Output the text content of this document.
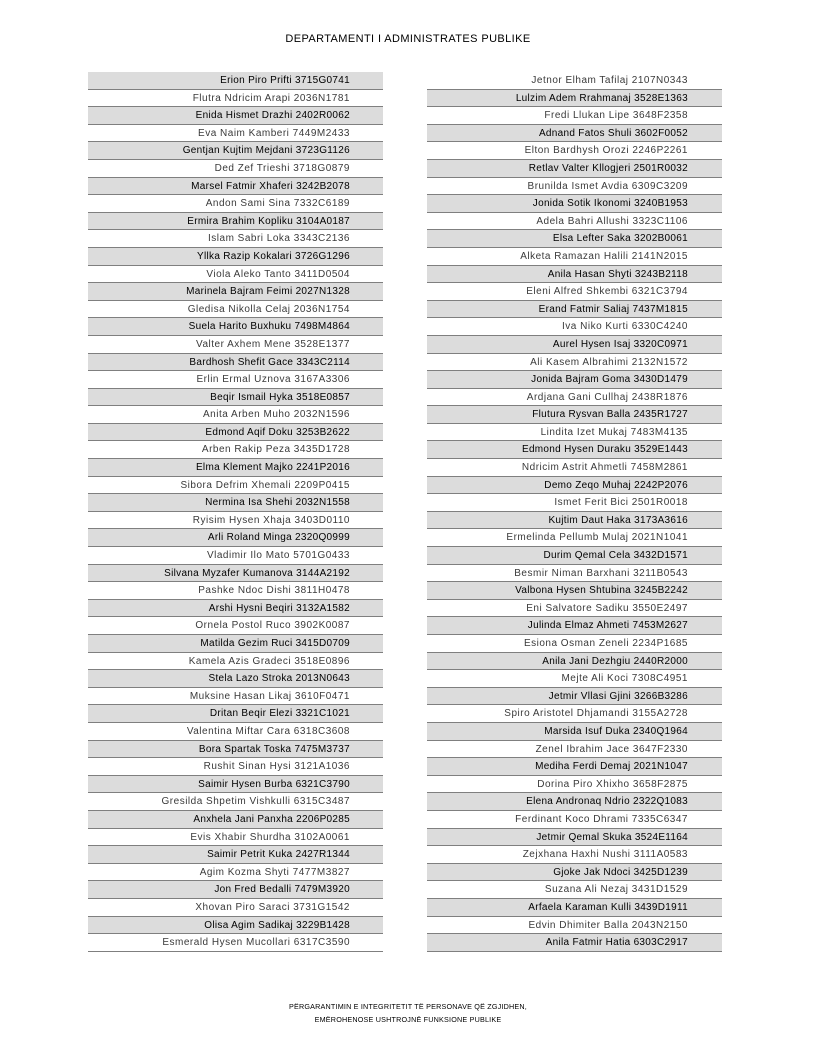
DEPARTAMENTI I ADMINISTRATES PUBLIKE
Erion Piro Prifti 3715G0741
Flutra Ndricim Arapi 2036N1781
Enida Hismet Drazhi 2402R0062
Eva Naim Kamberi 7449M2433
Gentjan Kujtim Mejdani 3723G1126
Ded Zef Trieshi 3718G0879
Marsel Fatmir Xhaferi 3242B2078
Andon Sami Sina 7332C6189
Ermira Brahim Kopliku 3104A0187
Islam Sabri Loka 3343C2136
Yllka Razip Kokalari 3726G1296
Viola Aleko Tanto 3411D0504
Marinela Bajram Feimi 2027N1328
Gledisa Nikolla Celaj 2036N1754
Suela Harito Buxhuku 7498M4864
Valter Axhem Mene 3528E1377
Bardhosh Shefit Gace 3343C2114
Erlin Ermal Uznova 3167A3306
Beqir Ismail Hyka 3518E0857
Anita Arben Muho 2032N1596
Edmond Aqif Doku 3253B2622
Arben Rakip Peza 3435D1728
Elma Klement Majko 2241P2016
Sibora Defrim Xhemali 2209P0415
Nermina Isa Shehi 2032N1558
Ryisim Hysen Xhaja 3403D0110
Arli Roland Minga 2320Q0999
Vladimir Ilo Mato 5701G0433
Silvana Myzafer Kumanova 3144A2192
Pashke Ndoc Dishi 3811H0478
Arshi Hysni Beqiri 3132A1582
Ornela Postol Ruco 3902K0087
Matilda Gezim Ruci 3415D0709
Kamela Azis Gradeci 3518E0896
Stela Lazo Stroka 2013N0643
Muksine Hasan Likaj 3610F0471
Dritan Beqir Elezi 3321C1021
Valentina Miftar Cara 6318C3608
Bora Spartak Toska 7475M3737
Rushit Sinan Hysi 3121A1036
Saimir Hysen Burba 6321C3790
Gresilda Shpetim Vishkulli 6315C3487
Anxhela Jani Panxha 2206P0285
Evis Xhabir Shurdha 3102A0061
Saimir Petrit Kuka 2427R1344
Agim Kozma Shyti 7477M3827
Jon Fred Bedalli 7479M3920
Xhovan Piro Saraci 3731G1542
Olisa Agim Sadikaj 3229B1428
Esmerald Hysen Mucollari 6317C3590
Jetnor Elham Tafilaj 2107N0343
Lulzim Adem Rrahmanaj 3528E1363
Fredi Llukan Lipe 3648F2358
Adnand Fatos Shuli 3602F0052
Elton Bardhysh Orozi 2246P2261
Retlav Valter Kllogjeri 2501R0032
Brunilda Ismet Avdia 6309C3209
Jonida Sotik Ikonomi 3240B1953
Adela Bahri Allushi 3323C1106
Elsa Lefter Saka 3202B0061
Alketa Ramazan Halili 2141N2015
Anila Hasan Shyti 3243B2118
Eleni Alfred Shkembi 6321C3794
Erand Fatmir Saliaj 7437M1815
Iva Niko Kurti 6330C4240
Aurel Hysen Isaj 3320C0971
Ali Kasem Albrahimi 2132N1572
Jonida Bajram Goma 3430D1479
Ardjana Gani Cullhaj 2438R1876
Flutura Rysvan Balla 2435R1727
Lindita Izet Mukaj 7483M4135
Edmond Hysen Duraku 3529E1443
Ndricim Astrit Ahmetli 7458M2861
Demo Zeqo Muhaj 2242P2076
Ismet Ferit Bici 2501R0018
Kujtim Daut Haka 3173A3616
Ermelinda Pellumb Mulaj 2021N1041
Durim Qemal Cela 3432D1571
Besmir Niman Barxhani 3211B0543
Valbona Hysen Shtubina 3245B2242
Eni Salvatore Sadiku 3550E2497
Julinda Elmaz Ahmeti 7453M2627
Esiona Osman Zeneli 2234P1685
Anila Jani Dezhgiu 2440R2000
Mejte Ali Koci 7308C4951
Jetmir Vllasi Gjini 3266B3286
Spiro Aristotel Dhjamandi 3155A2728
Marsida Isuf Duka 2340Q1964
Zenel Ibrahim Jace 3647F2330
Mediha Ferdi Demaj 2021N1047
Dorina Piro Xhixho 3658F2875
Elena Andronaq Ndrio 2322Q1083
Ferdinant Koco Dhrami 7335C6347
Jetmir Qemal Skuka 3524E1164
Zejxhana Haxhi Nushi 3111A0583
Gjoke Jak Ndoci 3425D1239
Suzana Ali Nezaj 3431D1529
Arfaela Karaman Kulli 3439D1911
Edvin Dhimiter Balla 2043N2150
Anila Fatmir Hatia 6303C2917
PËRGARANTIMIN E INTEGRITETIT TË PERSONAVE QË ZGJIDHEN,
EMËROHENOSE USHTROJNË FUNKSIONE PUBLIKE
